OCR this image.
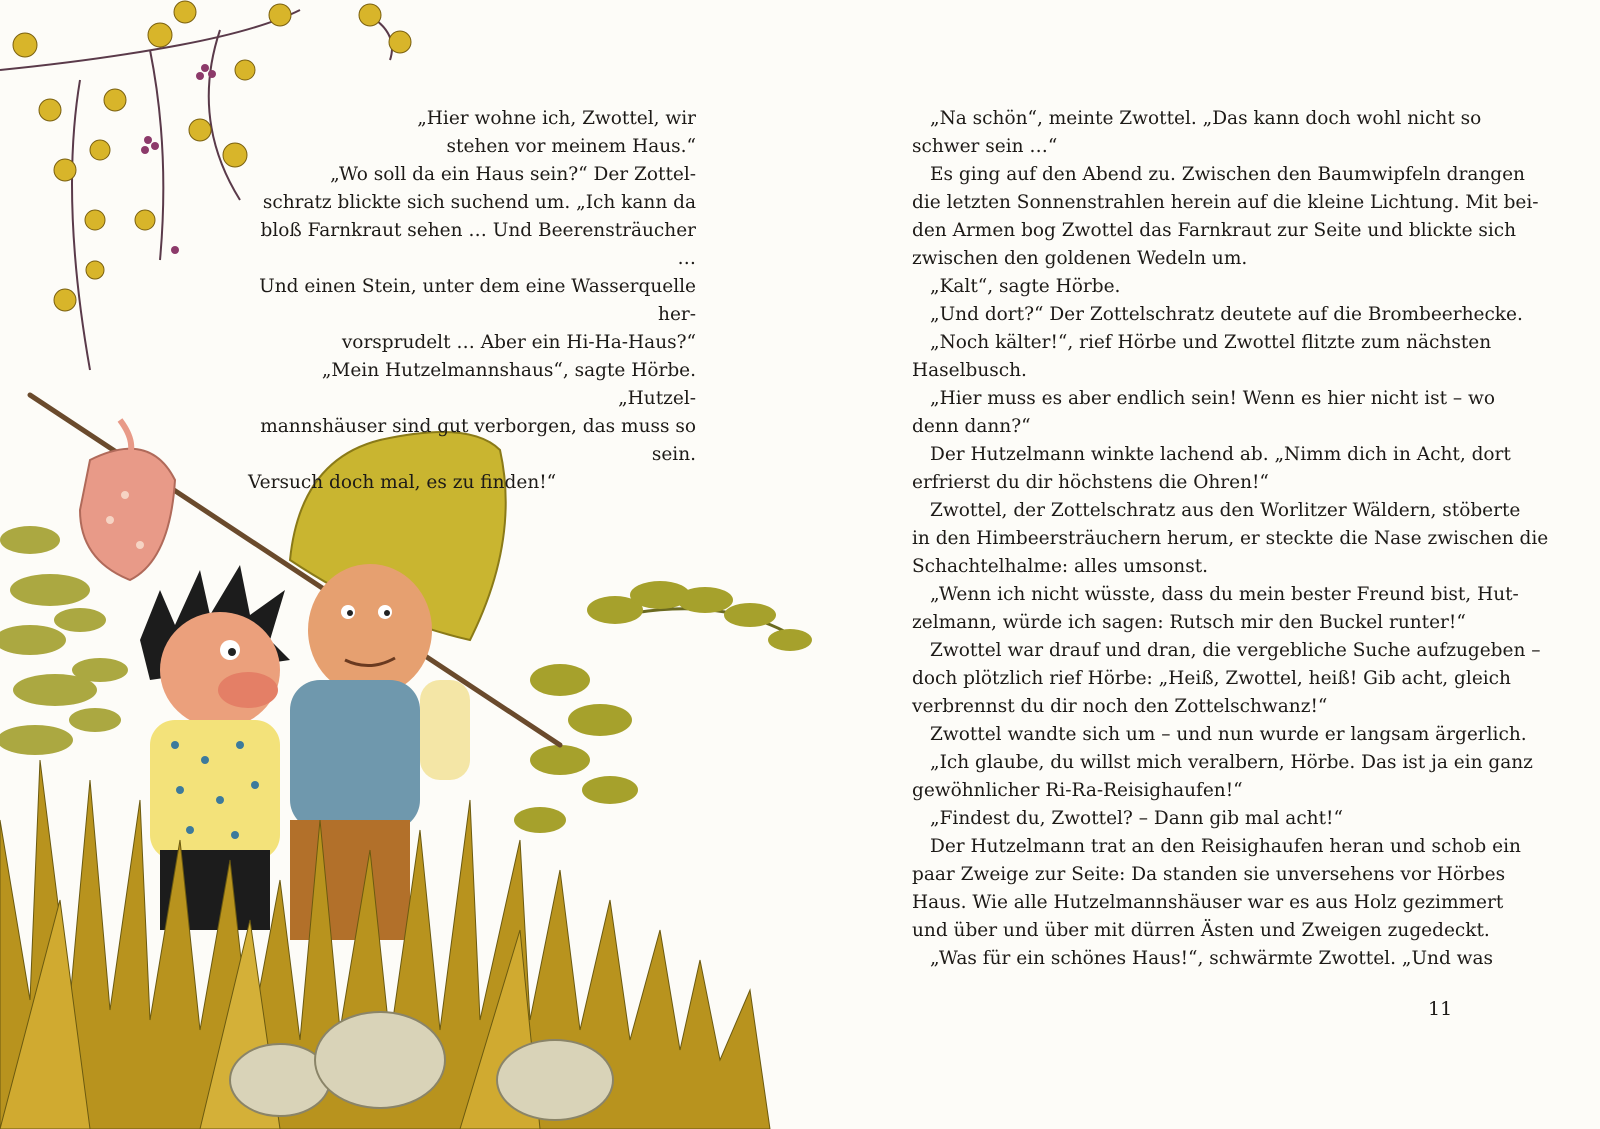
„Hier wohne ich, Zwottel, wir
stehen vor meinem Haus.“
„Wo soll da ein Haus sein?“ Der Zottel-
schratz blickte sich suchend um. „Ich kann da
bloß Farnkraut sehen … Und Beerensträucher …
Und einen Stein, unter dem eine Wasserquelle her-
vorsprudelt … Aber ein Hi-Ha-Haus?“
„Mein Hutzelmannshaus“, sagte Hörbe. „Hutzel-
mannshäuser sind gut verborgen, das muss so sein.
Versuch doch mal, es zu finden!“
„Na schön“, meinte Zwottel. „Das kann doch wohl nicht so
schwer sein …“
Es ging auf den Abend zu. Zwischen den Baumwipfeln drangen
die letzten Sonnenstrahlen herein auf die kleine Lichtung. Mit bei-
den Armen bog Zwottel das Farnkraut zur Seite und blickte sich
zwischen den goldenen Wedeln um.
„Kalt“, sagte Hörbe.
„Und dort?“ Der Zottelschratz deutete auf die Brombeerhecke.
„Noch kälter!“, rief Hörbe und Zwottel flitzte zum nächsten
Haselbusch.
„Hier muss es aber endlich sein! Wenn es hier nicht ist – wo
denn dann?“
Der Hutzelmann winkte lachend ab. „Nimm dich in Acht, dort
erfrierst du dir höchstens die Ohren!“
Zwottel, der Zottelschratz aus den Worlitzer Wäldern, stöberte
in den Himbeersträuchern herum, er steckte die Nase zwischen die
Schachtelhalme: alles umsonst.
„Wenn ich nicht wüsste, dass du mein bester Freund bist, Hut-
zelmann, würde ich sagen: Rutsch mir den Buckel runter!“
Zwottel war drauf und dran, die vergebliche Suche aufzugeben –
doch plötzlich rief Hörbe: „Heiß, Zwottel, heiß! Gib acht, gleich
verbrennst du dir noch den Zottelschwanz!“
Zwottel wandte sich um – und nun wurde er langsam ärgerlich.
„Ich glaube, du willst mich veralbern, Hörbe. Das ist ja ein ganz
gewöhnlicher Ri-Ra-Reisighaufen!“
„Findest du, Zwottel? – Dann gib mal acht!“
Der Hutzelmann trat an den Reisighaufen heran und schob ein
paar Zweige zur Seite: Da standen sie unversehens vor Hörbes
Haus. Wie alle Hutzelmannshäuser war es aus Holz gezimmert
und über und über mit dürren Ästen und Zweigen zugedeckt.
„Was für ein schönes Haus!“, schwärmte Zwottel. „Und was
11
